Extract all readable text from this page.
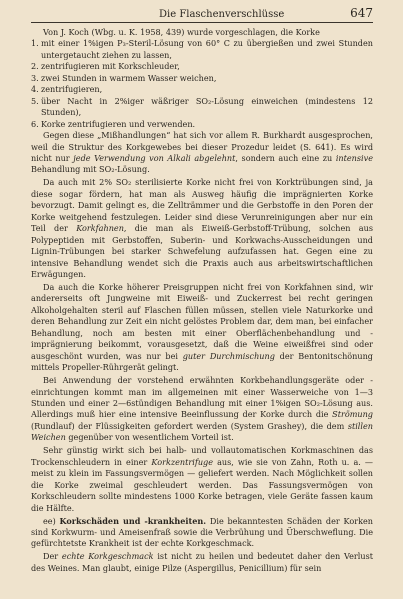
Die Flaschenverschlüsse	647

Von J. Koch (Wbg. u. K. 1958, 439) wurde vorgeschlagen, die Korke

1. mit einer 1%igen P₃-Steril-Lösung von 60° C zu übergießen und zwei Stunden untergetaucht ziehen zu lassen,
2. zentrifugieren mit Korkschleuder,
3. zwei Stunden in warmem Wasser weichen,
4. zentrifugieren,
5. über Nacht in 2%iger wäßriger SO₂-Lösung einweichen (mindestens 12 Stunden),
6. Korke zentrifugieren und verwenden.

Gegen diese „Mißhandlungen“ hat sich vor allem R. Burkhardt ausgesprochen, weil die Struktur des Korkgewebes bei dieser Prozedur leidet (S. 641). Es wird nicht nur jede Verwendung von Alkali abgelehnt, sondern auch eine zu intensive Behandlung mit SO₂-Lösung.

Da auch mit 2% SO₂ sterilisierte Korke nicht frei von Korktrübungen sind, ja diese sogar fördern, hat man als Ausweg häufig die imprägnierten Korke bevorzugt. Damit gelingt es, die Zellträmmer und die Gerbstoffe in den Poren der Korke weitgehend festzulegen. Leider sind diese Verunreinigungen aber nur ein Teil der Korkfahnen, die man als Eiweiß-Gerbstoff-Trübung, solchen aus Polypeptiden mit Gerbstoffen, Suberin- und Korkwachs-Ausscheidungen und Lignin-Trübungen bei starker Schwefelung aufzufassen hat. Gegen eine zu intensive Behandlung wendet sich die Praxis auch aus arbeitswirtschaftlichen Erwägungen.

Da auch die Korke höherer Preisgruppen nicht frei von Korkfahnen sind, wir andererseits oft Jungweine mit Eiweiß- und Zuckerrest bei recht geringen Alkoholgehalten steril auf Flaschen füllen müssen, stellen viele Naturkorke und deren Behandlung zur Zeit ein nicht gelöstes Problem dar, dem man, bei einfacher Behandlung, noch am besten mit einer Oberflächenbehandlung und -imprägnierung beikommt, vorausgesetzt, daß die Weine eiweißfrei sind oder ausgeschönt wurden, was nur bei guter Durchmischung der Bentonitschönung mittels Propeller-Rührgerät gelingt.

Bei Anwendung der vorstehend erwähnten Korkbehandlungsgeräte oder -einrichtungen kommt man im allgemeinen mit einer Wasserweiche von 1—3 Stunden und einer 2—6stündigen Behandlung mit einer 1%igen SO₂-Lösung aus. Allerdings muß hier eine intensive Beeinflussung der Korke durch die Strömung (Rundlauf) der Flüssigkeiten gefordert werden (System Grashey), die dem stillen Weichen gegenüber von wesentlichem Vorteil ist.

Sehr günstig wirkt sich bei halb- und vollautomatischen Korkmaschinen das Trockenschleudern in einer Korkzentrifuge aus, wie sie von Zahn, Roth u. a. — meist zu klein im Fassungsvermögen — geliefert werden. Nach Möglichkeit sollen die Korke zweimal geschleudert werden. Das Fassungsvermögen von Korkschleudern sollte mindestens 1000 Korke betragen, viele Geräte fassen kaum die Hälfte.

ee) Korkschäden und -krankheiten. Die bekanntesten Schäden der Korken sind Korkwurm- und Ameisenfraß sowie die Verbrühung und Überschweflung. Die gefürchtetste Krankheit ist der echte Korkgeschmack.

Der echte Korkgeschmack ist nicht zu heilen und bedeutet daher den Verlust des Weines. Man glaubt, einige Pilze (Aspergillus, Penicillium) für sein
